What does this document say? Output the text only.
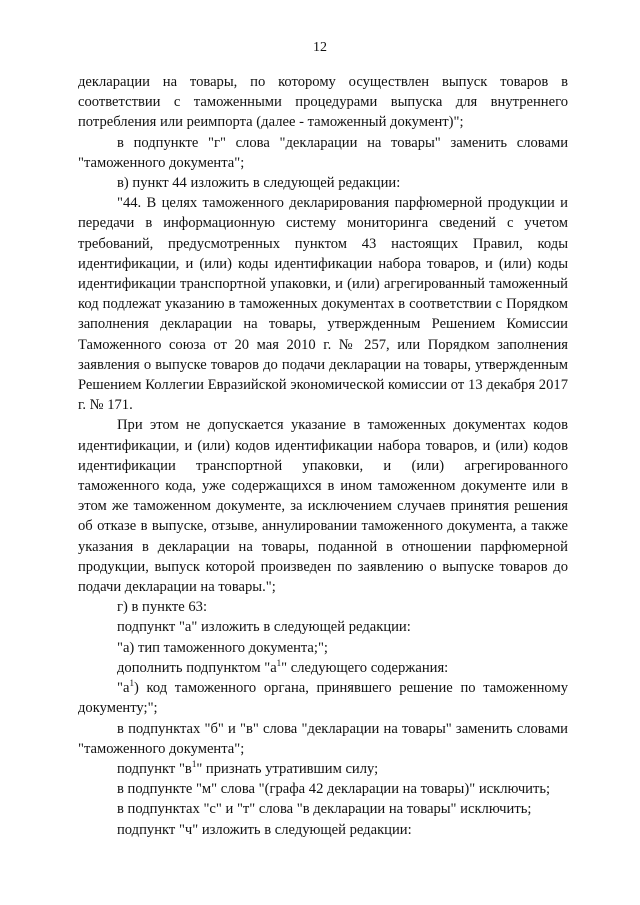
12

декларации на товары, по которому осуществлен выпуск товаров в соответствии с таможенными процедурами выпуска для внутреннего потребления или реимпорта (далее - таможенный документ)";

в подпункте "г" слова "декларации на товары" заменить словами "таможенного документа";

в) пункт 44 изложить в следующей редакции:

"44. В целях таможенного декларирования парфюмерной продукции и передачи в информационную систему мониторинга сведений с учетом требований, предусмотренных пунктом 43 настоящих Правил, коды идентификации, и (или) коды идентификации набора товаров, и (или) коды идентификации транспортной упаковки, и (или) агрегированный таможенный код подлежат указанию в таможенных документах в соответствии с Порядком заполнения декларации на товары, утвержденным Решением Комиссии Таможенного союза от 20 мая 2010 г. № 257, или Порядком заполнения заявления о выпуске товаров до подачи декларации на товары, утвержденным Решением Коллегии Евразийской экономической комиссии от 13 декабря 2017 г. № 171.

При этом не допускается указание в таможенных документах кодов идентификации, и (или) кодов идентификации набора товаров, и (или) кодов идентификации транспортной упаковки, и (или) агрегированного таможенного кода, уже содержащихся в ином таможенном документе или в этом же таможенном документе, за исключением случаев принятия решения об отказе в выпуске, отзыве, аннулировании таможенного документа, а также указания в декларации на товары, поданной в отношении парфюмерной продукции, выпуск которой произведен по заявлению о выпуске товаров до подачи декларации на товары.";

г) в пункте 63:

подпункт "а" изложить в следующей редакции:

"а) тип таможенного документа;";

дополнить подпунктом "$а^1$" следующего содержания:

"$а^1$) код таможенного органа, принявшего решение по таможенному документу;";

в подпунктах "б" и "в" слова "декларации на товары" заменить словами "таможенного документа";

подпункт "$в^1$" признать утратившим силу;

в подпункте "м" слова "(графа 42 декларации на товары)" исключить;

в подпунктах "с" и "т" слова "в декларации на товары" исключить;

подпункт "ч" изложить в следующей редакции:
